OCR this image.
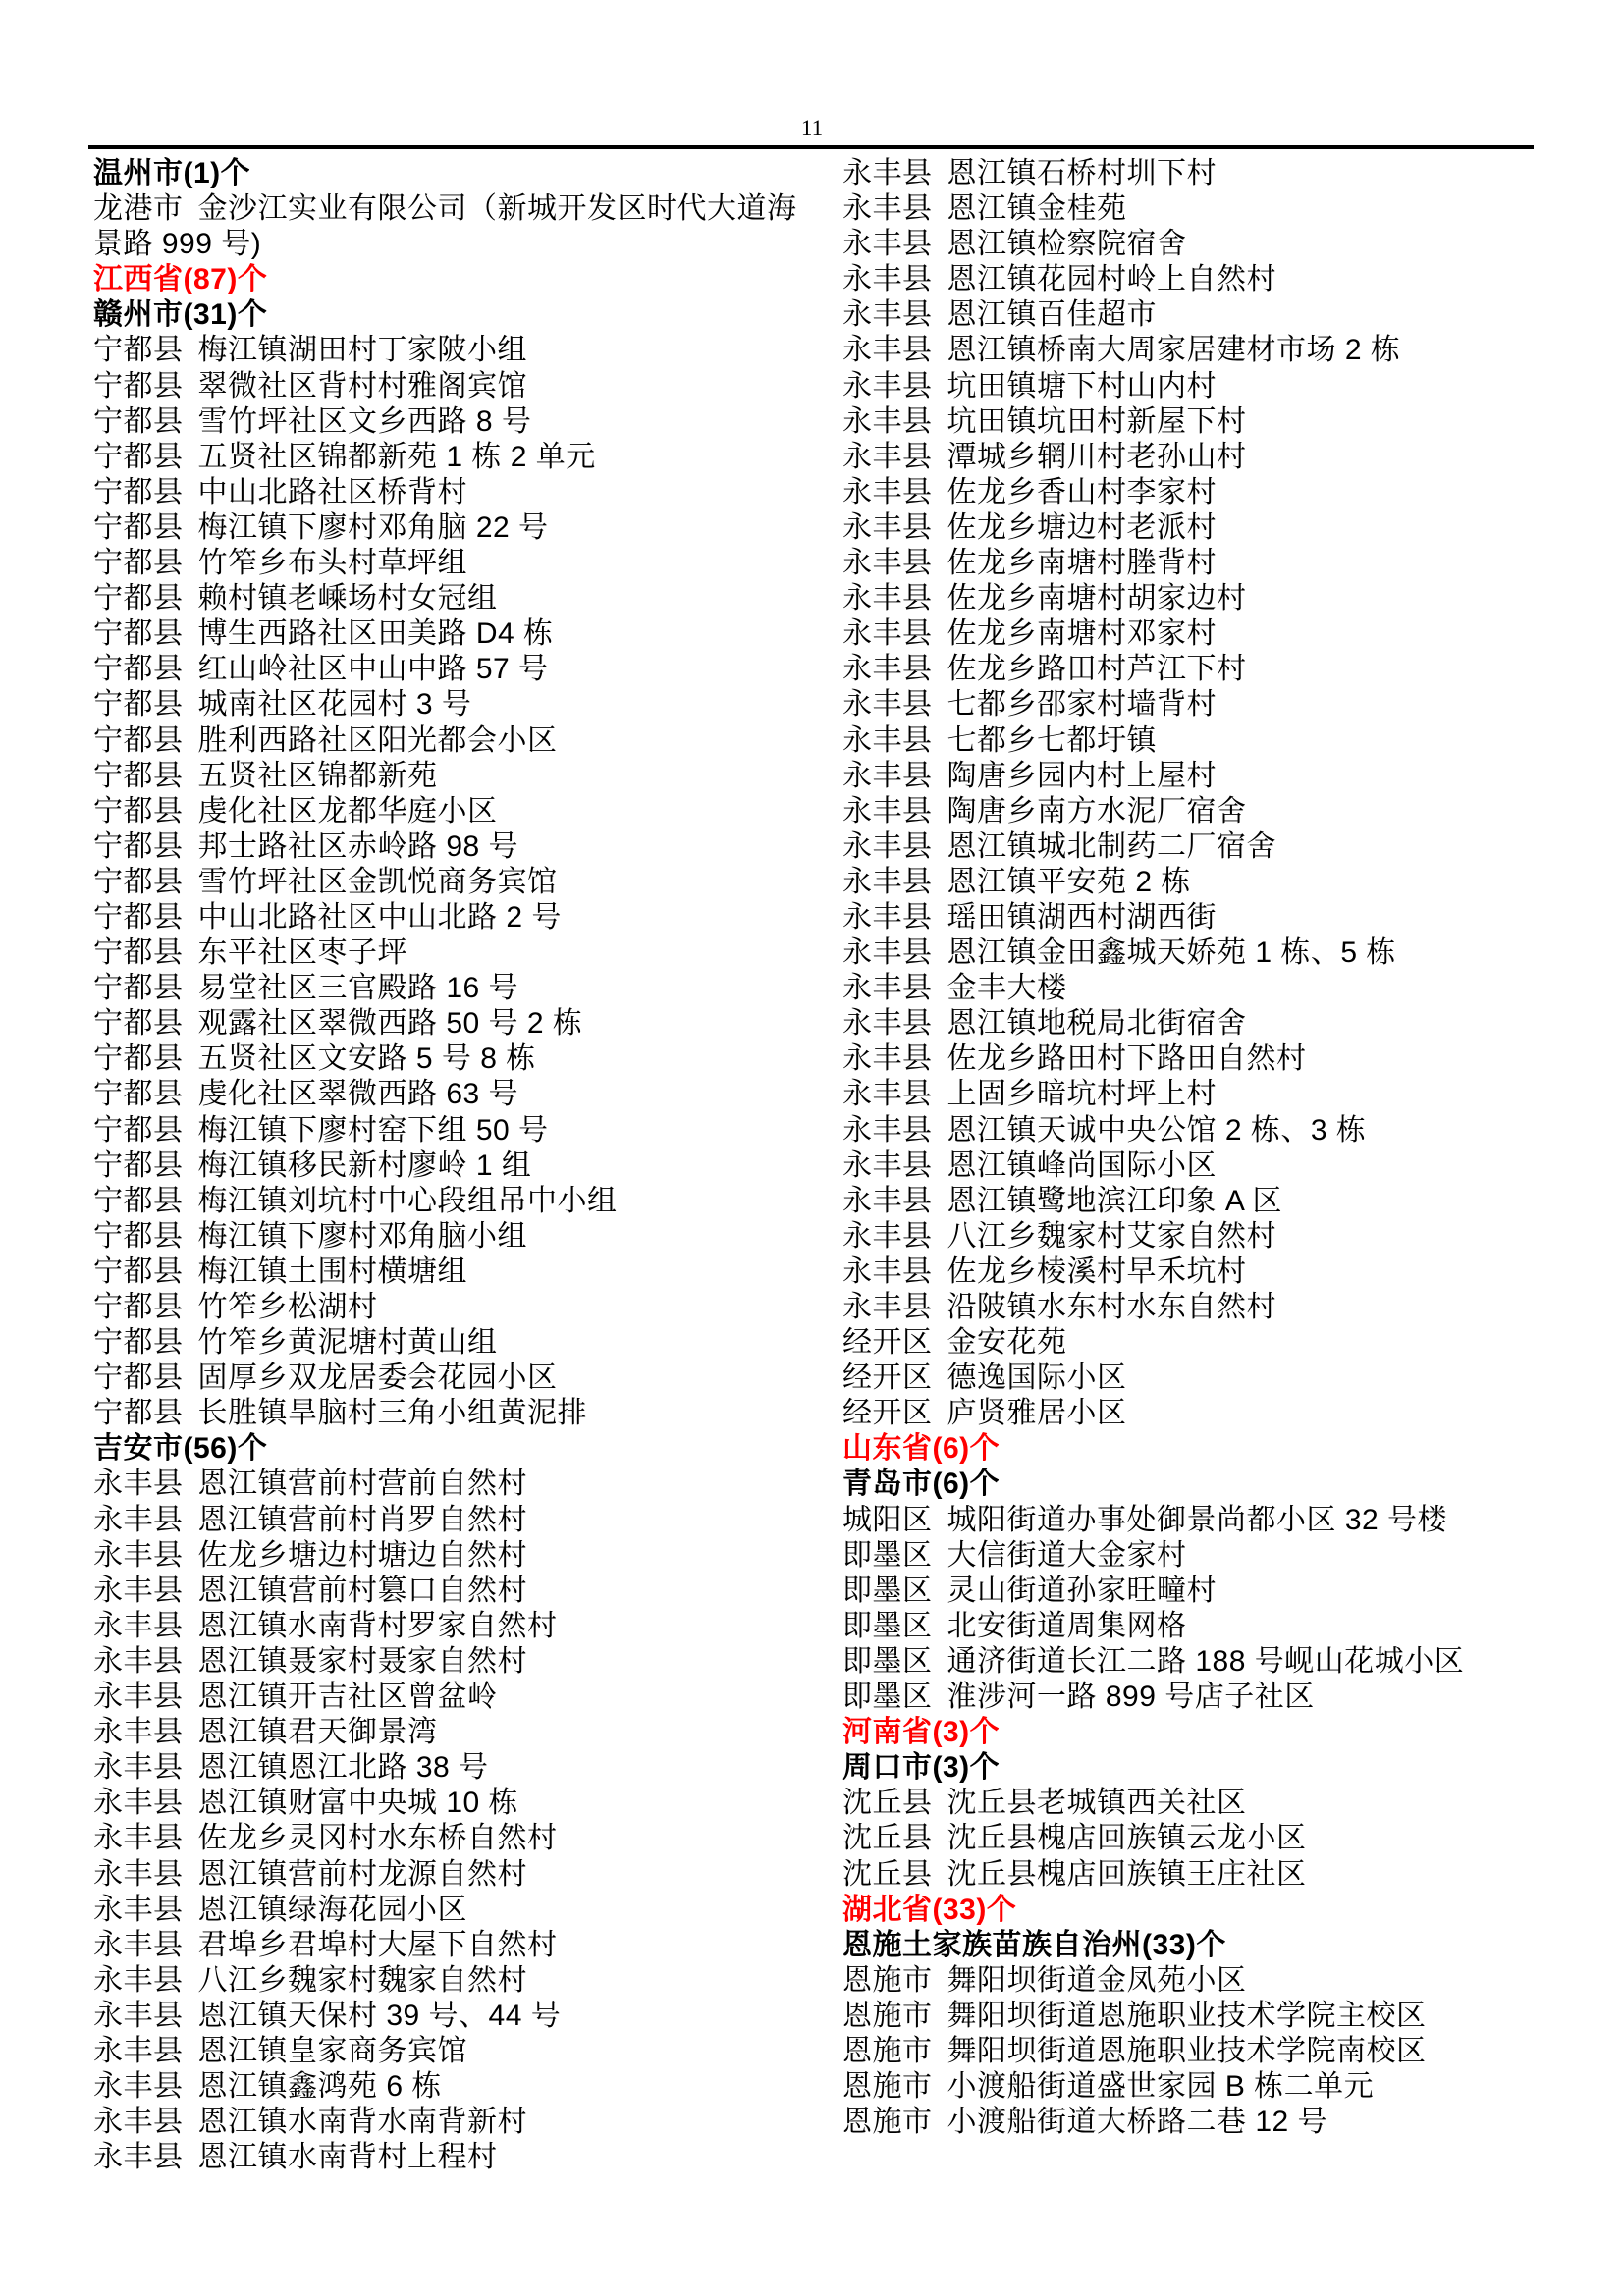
11
温州市(1)个
龙港市 金沙江实业有限公司（新城开发区时代大道海
景路 999 号)
江西省(87)个
赣州市(31)个
宁都县 梅江镇湖田村丁家陂小组
宁都县 翠微社区背村村雅阁宾馆
宁都县 雪竹坪社区文乡西路 8 号
宁都县 五贤社区锦都新苑 1 栋 2 单元
宁都县 中山北路社区桥背村
宁都县 梅江镇下廖村邓角脑 22 号
宁都县 竹笮乡布头村草坪组
宁都县 赖村镇老嵊场村女冠组
宁都县 博生西路社区田美路 D4 栋
宁都县 红山岭社区中山中路 57 号
宁都县 城南社区花园村 3 号
宁都县 胜利西路社区阳光都会小区
宁都县 五贤社区锦都新苑
宁都县 虔化社区龙都华庭小区
宁都县 邦士路社区赤岭路 98 号
宁都县 雪竹坪社区金凯悦商务宾馆
宁都县 中山北路社区中山北路 2 号
宁都县 东平社区枣子坪
宁都县 易堂社区三官殿路 16 号
宁都县 观露社区翠微西路 50 号 2 栋
宁都县 五贤社区文安路 5 号 8 栋
宁都县 虔化社区翠微西路 63 号
宁都县 梅江镇下廖村窑下组 50 号
宁都县 梅江镇移民新村廖岭 1 组
宁都县 梅江镇刘坑村中心段组吊中小组
宁都县 梅江镇下廖村邓角脑小组
宁都县 梅江镇土围村横塘组
宁都县 竹笮乡松湖村
宁都县 竹笮乡黄泥塘村黄山组
宁都县 固厚乡双龙居委会花园小区
宁都县 长胜镇旱脑村三角小组黄泥排
吉安市(56)个
永丰县 恩江镇营前村营前自然村
永丰县 恩江镇营前村肖罗自然村
永丰县 佐龙乡塘边村塘边自然村
永丰县 恩江镇营前村篡口自然村
永丰县 恩江镇水南背村罗家自然村
永丰县 恩江镇聂家村聂家自然村
永丰县 恩江镇开吉社区曾盆岭
永丰县 恩江镇君天御景湾
永丰县 恩江镇恩江北路 38 号
永丰县 恩江镇财富中央城 10 栋
永丰县 佐龙乡灵冈村水东桥自然村
永丰县 恩江镇营前村龙源自然村
永丰县 恩江镇绿海花园小区
永丰县 君埠乡君埠村大屋下自然村
永丰县 八江乡魏家村魏家自然村
永丰县 恩江镇天保村 39 号、44 号
永丰县 恩江镇皇家商务宾馆
永丰县 恩江镇鑫鸿苑 6 栋
永丰县 恩江镇水南背水南背新村
永丰县 恩江镇水南背村上程村
永丰县 恩江镇石桥村圳下村
永丰县 恩江镇金桂苑
永丰县 恩江镇检察院宿舍
永丰县 恩江镇花园村岭上自然村
永丰县 恩江镇百佳超市
永丰县 恩江镇桥南大周家居建材市场 2 栋
永丰县 坑田镇塘下村山内村
永丰县 坑田镇坑田村新屋下村
永丰县 潭城乡辋川村老孙山村
永丰县 佐龙乡香山村李家村
永丰县 佐龙乡塘边村老派村
永丰县 佐龙乡南塘村塍背村
永丰县 佐龙乡南塘村胡家边村
永丰县 佐龙乡南塘村邓家村
永丰县 佐龙乡路田村芦江下村
永丰县 七都乡邵家村墙背村
永丰县 七都乡七都圩镇
永丰县 陶唐乡园内村上屋村
永丰县 陶唐乡南方水泥厂宿舍
永丰县 恩江镇城北制药二厂宿舍
永丰县 恩江镇平安苑 2 栋
永丰县 瑶田镇湖西村湖西街
永丰县 恩江镇金田鑫城天娇苑 1 栋、5 栋
永丰县 金丰大楼
永丰县 恩江镇地税局北街宿舍
永丰县 佐龙乡路田村下路田自然村
永丰县 上固乡暗坑村坪上村
永丰县 恩江镇天诚中央公馆 2 栋、3 栋
永丰县 恩江镇峰尚国际小区
永丰县 恩江镇鹭地滨江印象 A 区
永丰县 八江乡魏家村艾家自然村
永丰县 佐龙乡棱溪村早禾坑村
永丰县 沿陂镇水东村水东自然村
经开区 金安花苑
经开区 德逸国际小区
经开区 庐贤雅居小区
山东省(6)个
青岛市(6)个
城阳区 城阳街道办事处御景尚都小区 32 号楼
即墨区 大信街道大金家村
即墨区 灵山街道孙家旺疃村
即墨区 北安街道周集网格
即墨区 通济街道长江二路 188 号岘山花城小区
即墨区 淮涉河一路 899 号店子社区
河南省(3)个
周口市(3)个
沈丘县 沈丘县老城镇西关社区
沈丘县 沈丘县槐店回族镇云龙小区
沈丘县 沈丘县槐店回族镇王庄社区
湖北省(33)个
恩施土家族苗族自治州(33)个
恩施市 舞阳坝街道金凤苑小区
恩施市 舞阳坝街道恩施职业技术学院主校区
恩施市 舞阳坝街道恩施职业技术学院南校区
恩施市 小渡船街道盛世家园 B 栋二单元
恩施市 小渡船街道大桥路二巷 12 号
